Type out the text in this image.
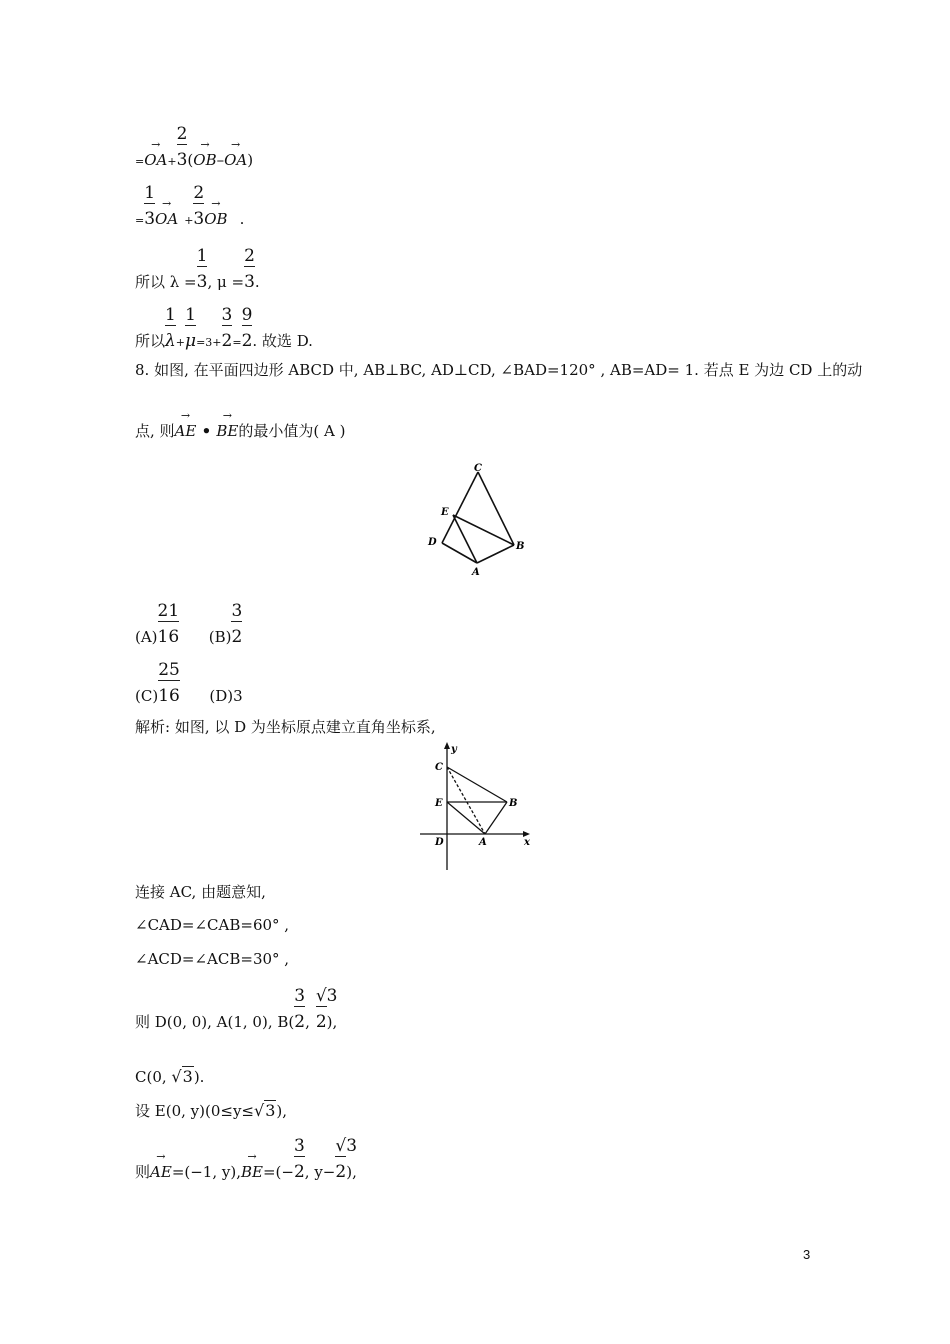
=→ $OA+ \frac{2}{3}(\to OB-\to OA)$
= $\frac{1}{3}\to$ OA + $\frac{2}{3}\to$ OB .
所以 $\lambda = \frac{1}{3}$, $\mu = \frac{2}{3}$.
所以 $\frac{1}{\lambda}+ \frac{1}{\mu}=3+ \frac{3}{2}= \frac{9}{2}$. 故选 D.
8. 如图, 在平面四边形 ABCD 中, AB⊥BC, AD⊥CD, ∠BAD=120° , AB=AD= 1. 若点 E 为边 CD 上的动
点, 则→ AE • → BE的最小值为( A )
C
E
D	B
A
$(A) \frac{21}{16} (B) \frac{3}{2}$
$(C) \frac{25}{16} (D)3$
解析: 如图, 以 D 为坐标原点建立直角坐标系,
y
C
E	B
D	A	x
连接 AC, 由题意知,
∠CAD=∠CAB=60° ,
∠ACD=∠ACB=30° ,
则 D(0, 0), A(1, 0), $B( \frac{3}{2}$, $\frac{√3}{2}$),
C(0, √3).
设 E(0, y)(0≤y≤√3),
则→ AE=(−1, $y),\to BE=(- \frac{3}{2}$, $y- \frac{√3}{2}$),
3
